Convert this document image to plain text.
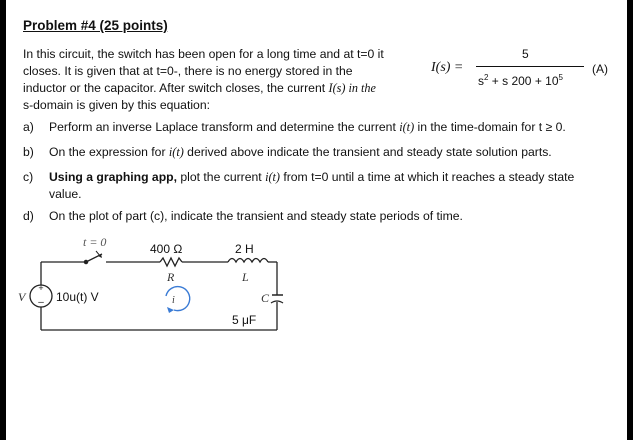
Problem #4 (25 points)
In this circuit, the switch has been open for a long time and at t=0 it
closes. It is given that at t=0-, there is no energy stored in the
inductor or the capacitor. After switch closes, the current I(s) in the
s-domain is given by this equation:
I(s) =
5
$s^2 + s$ $200 + 10^5$
(A)
a) Perform an inverse Laplace transform and determine the current i(t) in the time-domain for t ≥ 0.
b) On the expression for i(t) derived above indicate the transient and steady state solution parts.
c) Using a graphing app, plot the current i(t) from t=0 until a time at which it reaches a steady state
value.
d) On the plot of part (c), indicate the transient and steady state periods of time.
+
–
t = 0	400 Ω
R
2 H
L
C
5 μF
10u(t) V
V	i
